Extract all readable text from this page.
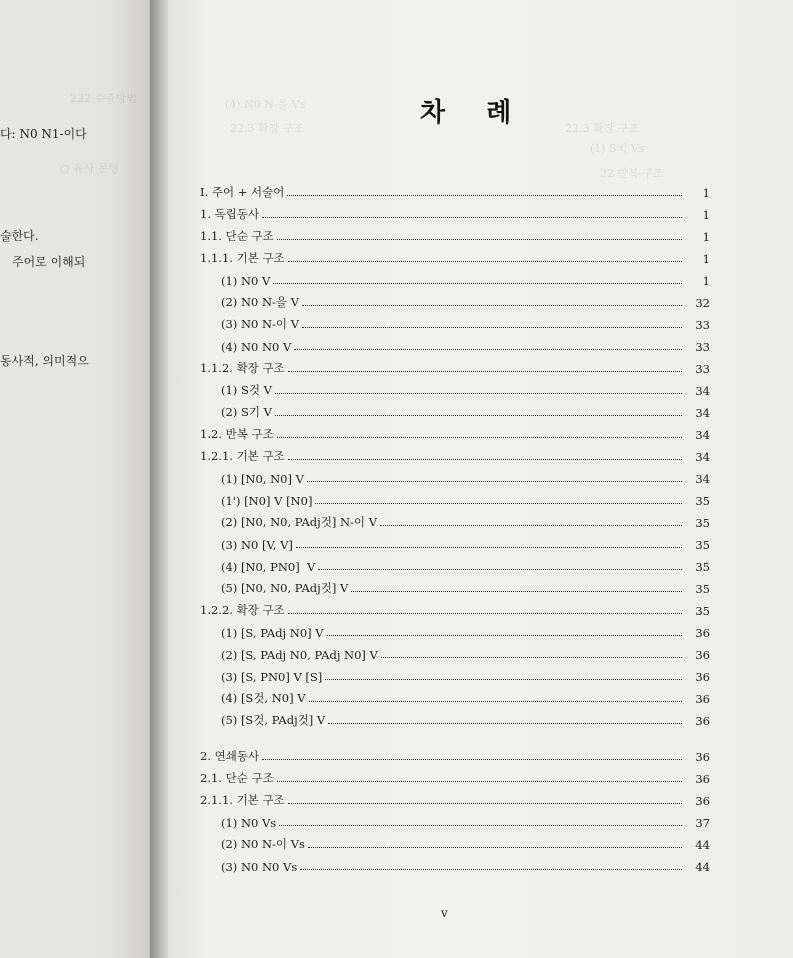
222 수출방법
○ 유사 문형
(4) N0 N-을 Vs
22.3 확장 구조	22.3 확장 구조
(1) S치 Vs
22 반복 구조
다: N0 N1-이다
술한다.
주어로 이해되
동사적, 의미적으
차 례
I. 주어 + 서술어	1
1. 독립동사	1
1.1. 단순 구조	1
1.1.1. 기본 구조	1
(1) N0 V	1
(2) N0 N-을 V	32
(3) N0 N-이 V	33
(4) N0 N0 V	33
1.1.2. 확장 구조	33
(1) S것 V	34
(2) S기 V	34
1.2. 반복 구조	34
1.2.1. 기본 구조	34
(1) [N0, N0] V	34
(1') [N0] V [N0]	35
(2) [N0, N0, PAdj것] N-이 V	35
(3) N0 [V, V]	35
(4) [N0, PN0]  V	35
(5) [N0, N0, PAdj것] V	35
1.2.2. 확장 구조	35
(1) [S, PAdj N0] V	36
(2) [S, PAdj N0, PAdj N0] V	36
(3) [S, PN0] V [S]	36
(4) [S것, N0] V	36
(5) [S것, PAdj것] V	36
2. 연쇄동사	36
2.1. 단순 구조	36
2.1.1. 기본 구조	36
(1) N0 Vs	37
(2) N0 N-이 Vs	44
(3) N0 N0 Vs	44
v
